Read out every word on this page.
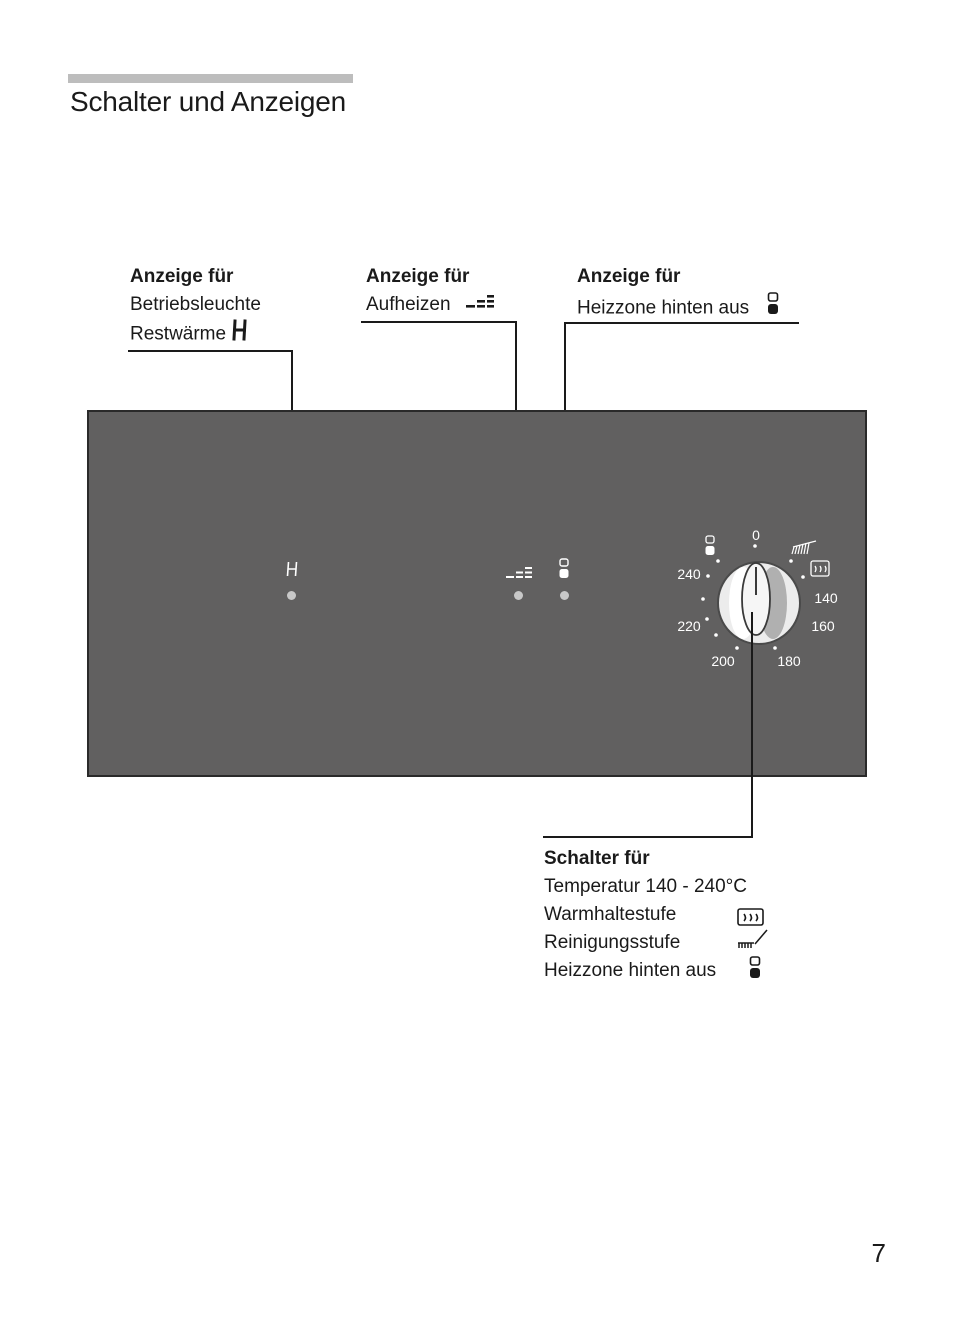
Schalter und Anzeigen
Anzeige für
Betriebsleuchte
Restwärme
Anzeige für
Aufheizen
Anzeige für
Heizzone hinten aus
0
240
220
200	180
160
140
Schalter für
Temperatur 140 - 240°C
Warmhaltestufe
Reinigungsstufe
Heizzone hinten aus
7
